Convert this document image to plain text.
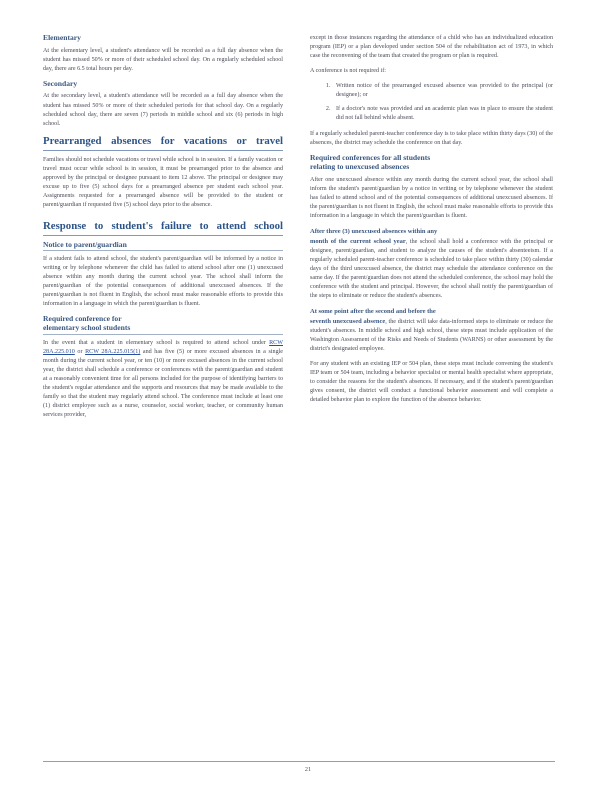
Elementary

At the elementary level, a student's attendance will be recorded as a full day absence when the student has missed 50% or more of their scheduled school day. On a regularly scheduled school day, there are 6.5 total hours per day.

Secondary

At the secondary level, a student's attendance will be recorded as a full day absence when the student has missed 50% or more of their scheduled periods for that school day. On a regularly scheduled school day, there are seven (7) periods in middle school and six (6) periods in high school.

Prearranged absences for vacations or travel

Families should not schedule vacations or travel while school is in session. If a family vacation or travel must occur while school is in session, it must be prearranged prior to the absence and approved by the principal or designee pursuant to item 12 above. The principal or designee may excuse up to five (5) school days for a prearranged absence per student each school year. Assignments requested for a prearranged absence will be provided to the student or parent/guardian if requested five (5) school days prior to the absence.

Response to student's failure to attend school
Notice to parent/guardian

If a student fails to attend school, the student's parent/guardian will be informed by a notice in writing or by telephone whenever the child has failed to attend school after one (1) unexcused absence within any month during the current school year. The school shall inform the parent/guardian of the potential consequences of additional unexcused absences. If the parent/guardian is not fluent in English, the school must make reasonable efforts to provide this information in a language in which the parent/guardian is fluent.

Required conference for
elementary school students

In the event that a student in elementary school is required to attend school under RCW 28A.225.010 or RCW 28A.225.015(1) and has five (5) or more excused absences in a single month during the current school year, or ten (10) or more excused absences in the current school year, the district shall schedule a conference or conferences with the parent/guardian and student at a reasonably convenient time for all persons included for the purpose of identifying barriers to the student's regular attendance and the supports and resources that may be made available to the family so that the student may regularly attend school. The conference must include at least one (1) district employee such as a nurse, counselor, social worker, teacher, or community human services provider,

except in those instances regarding the attendance of a child who has an individualized education program (IEP) or a plan developed under section 504 of the rehabilitation act of 1973, in which case the reconvening of the team that created the program or plan is required.

A conference is not required if:

1. Written notice of the prearranged excused absence was provided to the principal (or designee); or
2. If a doctor's note was provided and an academic plan was in place to ensure the student did not fall behind while absent.

If a regularly scheduled parent-teacher conference day is to take place within thirty days (30) of the absences, the district may schedule the conference on that day.

Required conferences for all students
relating to unexcused absences

After one unexcused absence within any month during the current school year, the school shall inform the student's parent/guardian by a notice in writing or by telephone whenever the student has failed to attend school and of the potential consequences of additional unexcused absences. If the parent/guardian is not fluent in English, the school must make reasonable efforts to provide this information in a language in which the parent/guardian is fluent.

After three (3) unexcused absences within any
month of the current school year, the school shall hold a conference with the principal or designee, parent/guardian, and student to analyze the causes of the student's absenteeism. If a regularly scheduled parent-teacher conference is scheduled to take place within thirty (30) calendar days of the third unexcused absence, the district may schedule the attendance conference on the same day. If the parent/guardian does not attend the scheduled conference, the school may hold the conference with the student and principal. However, the school shall notify the parent/guardian of the steps to eliminate or reduce the student's absences.

At some point after the second and before the
seventh unexcused absence, the district will take data-informed steps to eliminate or reduce the student's absences. In middle school and high school, these steps must include application of the Washington Assessment of the Risks and Needs of Students (WARNS) or other assessment by the district's designated employee.

For any student with an existing IEP or 504 plan, these steps must include convening the student's IEP team or 504 team, including a behavior specialist or mental health specialist where appropriate, to consider the reasons for the student's absences. If necessary, and if the student's parent/guardian gives consent, the district will conduct a functional behavior assessment and will complete a detailed behavior plan to explore the function of the absence behavior.

21
